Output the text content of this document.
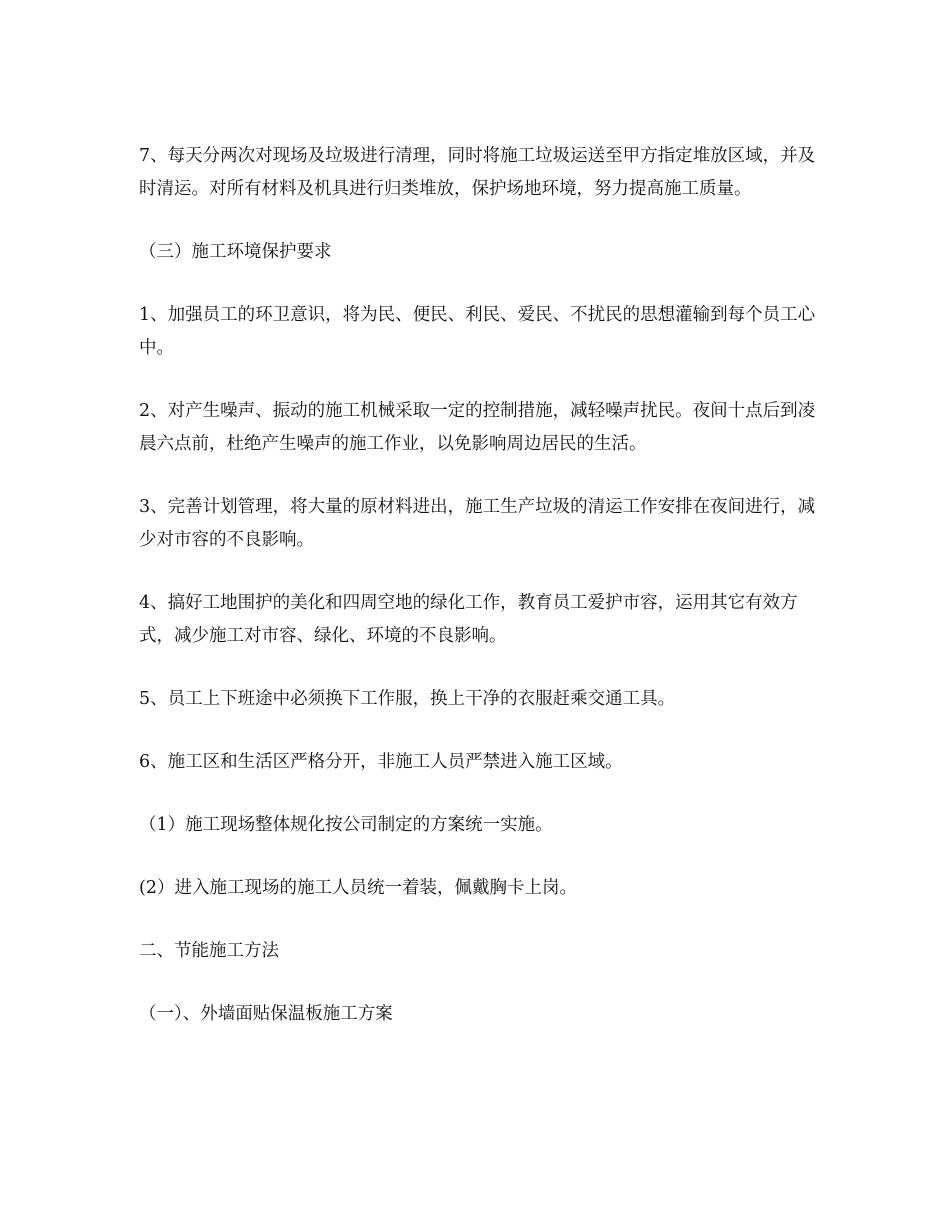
7、每天分两次对现场及垃圾进行清理，同时将施工垃圾运送至甲方指定堆放区域，并及时清运。对所有材料及机具进行归类堆放，保护场地环境，努力提高施工质量。

（三）施工环境保护要求

1、加强员工的环卫意识，将为民、便民、利民、爱民、不扰民的思想灌输到每个员工心中。

2、对产生噪声、振动的施工机械采取一定的控制措施，减轻噪声扰民。夜间十点后到凌晨六点前，杜绝产生噪声的施工作业，以免影响周边居民的生活。

3、完善计划管理，将大量的原材料进出，施工生产垃圾的清运工作安排在夜间进行，减少对市容的不良影响。

4、搞好工地围护的美化和四周空地的绿化工作，教育员工爱护市容，运用其它有效方式，减少施工对市容、绿化、环境的不良影响。

5、员工上下班途中必须换下工作服，换上干净的衣服赶乘交通工具。

6、施工区和生活区严格分开，非施工人员严禁进入施工区域。

（1）施工现场整体规化按公司制定的方案统一实施。

(2）进入施工现场的施工人员统一着装，佩戴胸卡上岗。

二、节能施工方法

（一）、外墙面贴保温板施工方案
